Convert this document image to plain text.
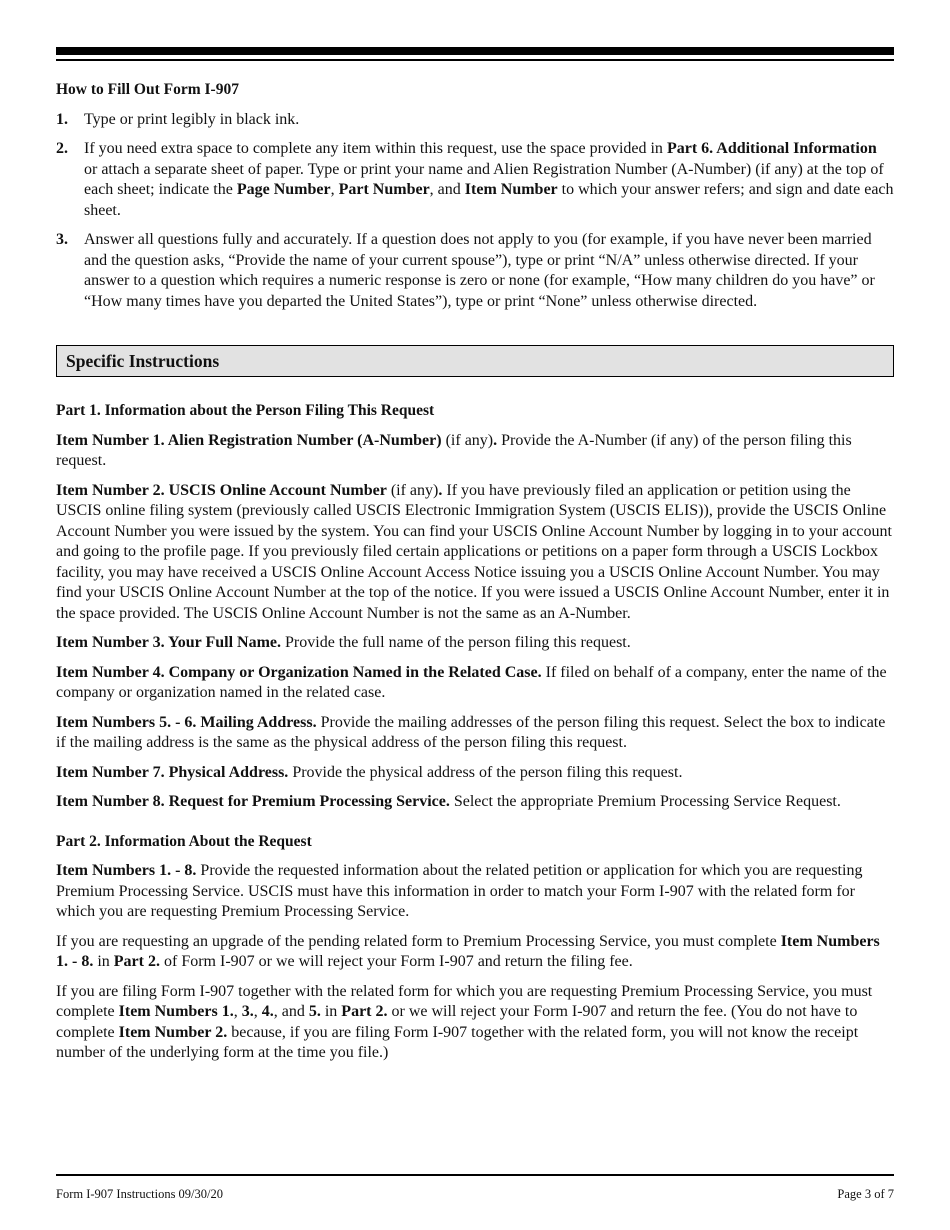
How to Fill Out Form I-907
1. Type or print legibly in black ink.
2. If you need extra space to complete any item within this request, use the space provided in Part 6. Additional Information or attach a separate sheet of paper. Type or print your name and Alien Registration Number (A-Number) (if any) at the top of each sheet; indicate the Page Number, Part Number, and Item Number to which your answer refers; and sign and date each sheet.
3. Answer all questions fully and accurately. If a question does not apply to you (for example, if you have never been married and the question asks, “Provide the name of your current spouse”), type or print “N/A” unless otherwise directed. If your answer to a question which requires a numeric response is zero or none (for example, “How many children do you have” or “How many times have you departed the United States”), type or print “None” unless otherwise directed.
Specific Instructions
Part 1. Information about the Person Filing This Request

Item Number 1. Alien Registration Number (A-Number) (if any). Provide the A-Number (if any) of the person filing this request.

Item Number 2. USCIS Online Account Number (if any). If you have previously filed an application or petition using the USCIS online filing system (previously called USCIS Electronic Immigration System (USCIS ELIS)), provide the USCIS Online Account Number you were issued by the system. You can find your USCIS Online Account Number by logging in to your account and going to the profile page. If you previously filed certain applications or petitions on a paper form through a USCIS Lockbox facility, you may have received a USCIS Online Account Access Notice issuing you a USCIS Online Account Number. You may find your USCIS Online Account Number at the top of the notice. If you were issued a USCIS Online Account Number, enter it in the space provided. The USCIS Online Account Number is not the same as an A-Number.

Item Number 3. Your Full Name. Provide the full name of the person filing this request.

Item Number 4. Company or Organization Named in the Related Case. If filed on behalf of a company, enter the name of the company or organization named in the related case.

Item Numbers 5. - 6. Mailing Address. Provide the mailing addresses of the person filing this request. Select the box to indicate if the mailing address is the same as the physical address of the person filing this request.

Item Number 7. Physical Address. Provide the physical address of the person filing this request.

Item Number 8. Request for Premium Processing Service. Select the appropriate Premium Processing Service Request.

Part 2. Information About the Request

Item Numbers 1. - 8. Provide the requested information about the related petition or application for which you are requesting Premium Processing Service. USCIS must have this information in order to match your Form I-907 with the related form for which you are requesting Premium Processing Service.

If you are requesting an upgrade of the pending related form to Premium Processing Service, you must complete Item Numbers 1. - 8. in Part 2. of Form I-907 or we will reject your Form I-907 and return the filing fee.

If you are filing Form I-907 together with the related form for which you are requesting Premium Processing Service, you must complete Item Numbers 1., 3., 4., and 5. in Part 2. or we will reject your Form I-907 and return the fee. (You do not have to complete Item Number 2. because, if you are filing Form I-907 together with the related form, you will not know the receipt number of the underlying form at the time you file.)

Form I-907 Instructions 09/30/20	Page 3 of 7
